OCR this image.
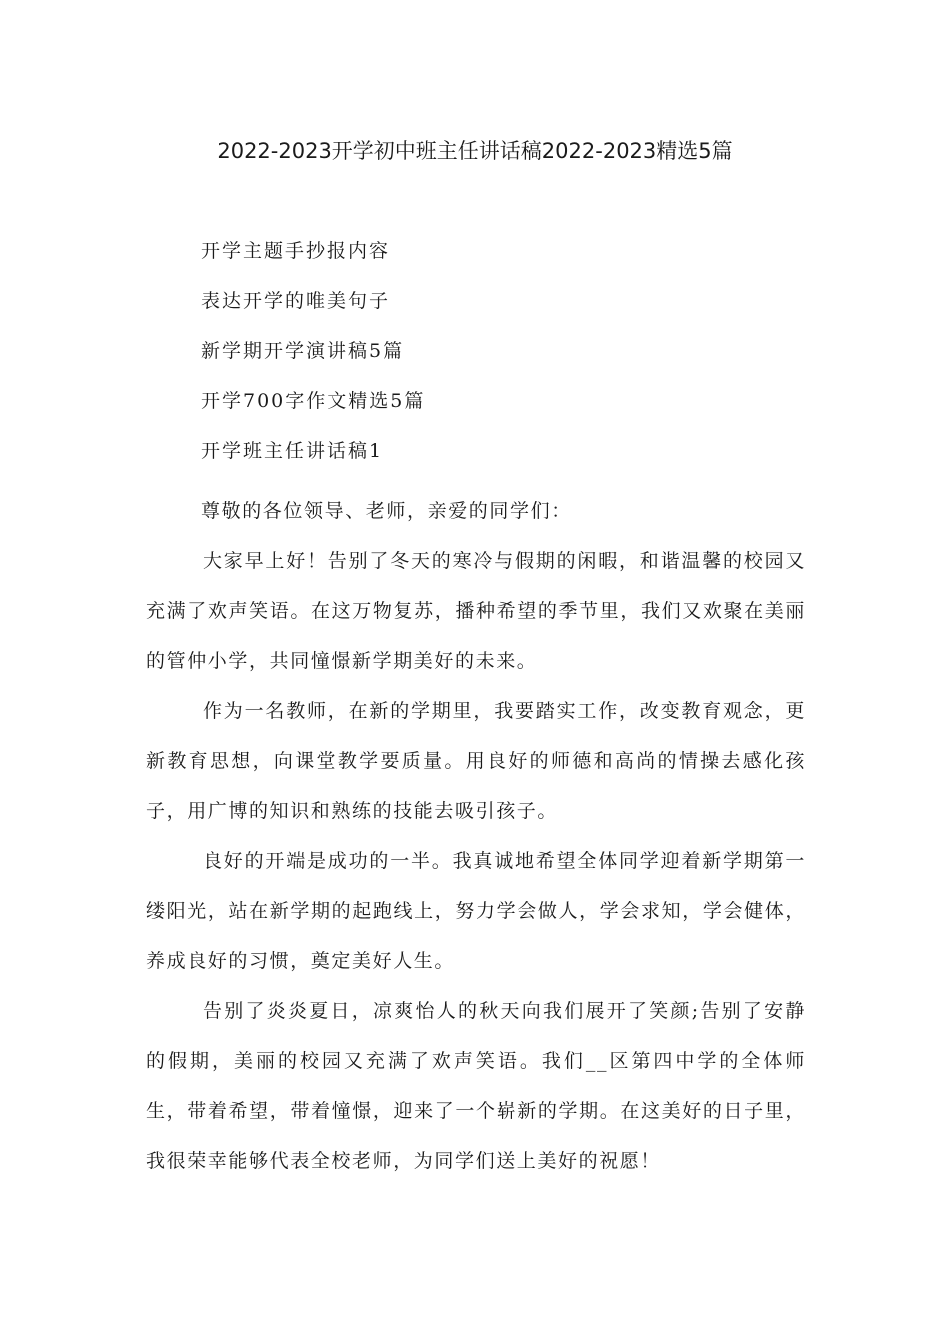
2022-2023开学初中班主任讲话稿2022-2023精选5篇
开学主题手抄报内容
表达开学的唯美句子
新学期开学演讲稿5篇
开学700字作文精选5篇
开学班主任讲话稿1

尊敬的各位领导、老师，亲爱的同学们：

大家早上好！告别了冬天的寒冷与假期的闲暇，和谐温馨的校园又充满了欢声笑语。在这万物复苏，播种希望的季节里，我们又欢聚在美丽的管仲小学，共同憧憬新学期美好的未来。

作为一名教师，在新的学期里，我要踏实工作，改变教育观念，更新教育思想，向课堂教学要质量。用良好的师德和高尚的情操去感化孩子，用广博的知识和熟练的技能去吸引孩子。

良好的开端是成功的一半。我真诚地希望全体同学迎着新学期第一缕阳光，站在新学期的起跑线上，努力学会做人，学会求知，学会健体，养成良好的习惯，奠定美好人生。

告别了炎炎夏日，凉爽怡人的秋天向我们展开了笑颜;告别了安静的假期，美丽的校园又充满了欢声笑语。我们__区第四中学的全体师生，带着希望，带着憧憬，迎来了一个崭新的学期。在这美好的日子里，我很荣幸能够代表全校老师，为同学们送上美好的祝愿！
